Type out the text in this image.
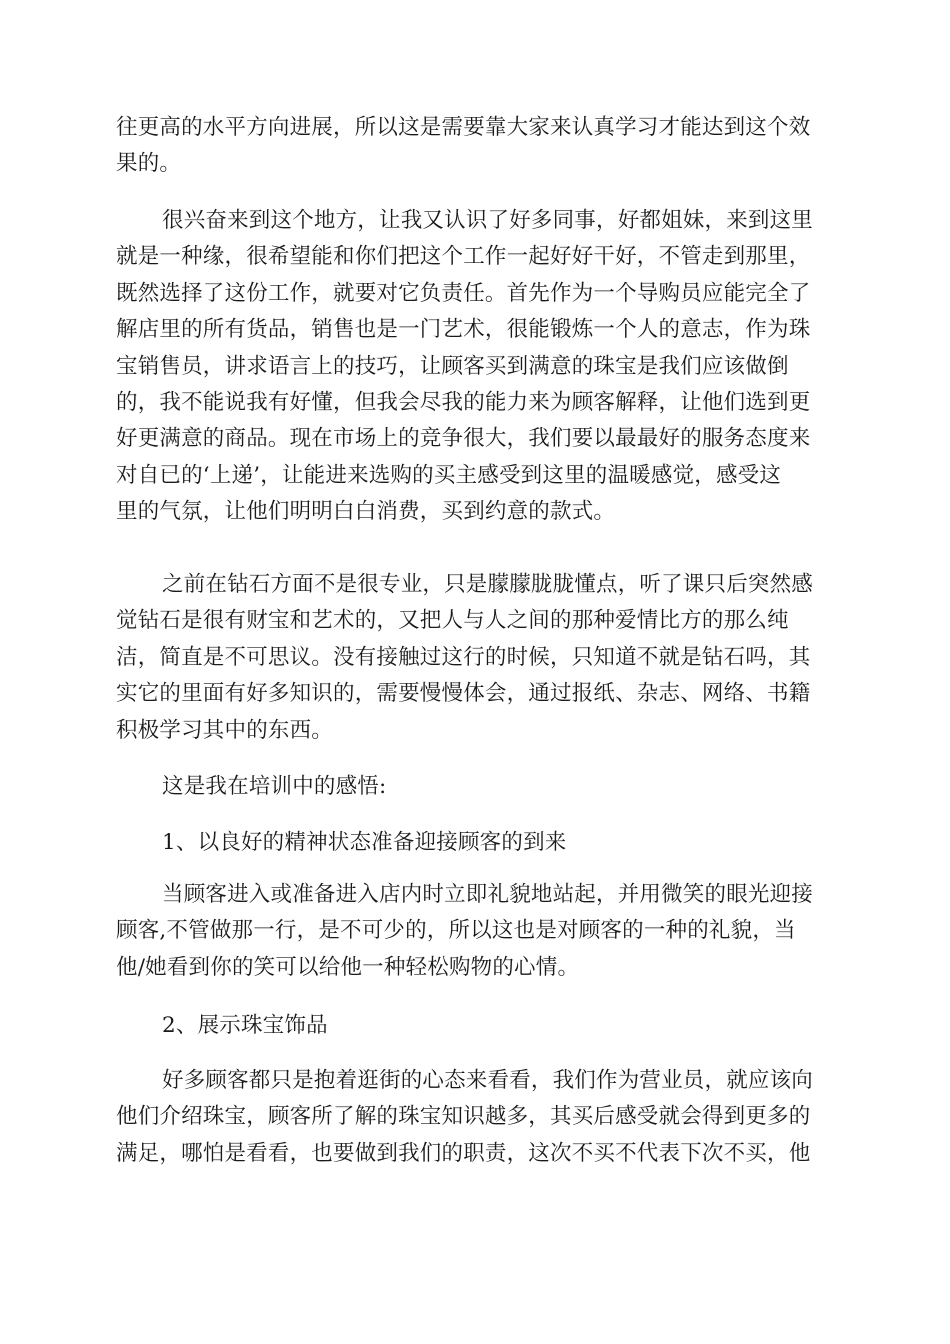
往更高的水平方向进展，所以这是需要靠大家来认真学习才能达到这个效
果的。
很兴奋来到这个地方，让我又认识了好多同事，好都姐妹，来到这里
就是一种缘，很希望能和你们把这个工作一起好好干好，不管走到那里，
既然选择了这份工作，就要对它负责任。首先作为一个导购员应能完全了
解店里的所有货品，销售也是一门艺术，很能锻炼一个人的意志，作为珠
宝销售员，讲求语言上的技巧，让顾客买到满意的珠宝是我们应该做倒
的，我不能说我有好懂，但我会尽我的能力来为顾客解释，让他们选到更
好更满意的商品。现在市场上的竞争很大，我们要以最最好的服务态度来
对自已的‘上递’，让能进来选购的买主感受到这里的温暖感觉，感受这
里的气氛，让他们明明白白消费，买到约意的款式。
之前在钻石方面不是很专业，只是朦朦胧胧懂点，听了课只后突然感
觉钻石是很有财宝和艺术的，又把人与人之间的那种爱情比方的那么纯
洁，简直是不可思议。没有接触过这行的时候，只知道不就是钻石吗，其
实它的里面有好多知识的，需要慢慢体会，通过报纸、杂志、网络、书籍
积极学习其中的东西。
这是我在培训中的感悟:
1、以良好的精神状态准备迎接顾客的到来
当顾客进入或准备进入店内时立即礼貌地站起，并用微笑的眼光迎接
顾客,不管做那一行，是不可少的，所以这也是对顾客的一种的礼貌，当
他/她看到你的笑可以给他一种轻松购物的心情。
2、展示珠宝饰品
好多顾客都只是抱着逛街的心态来看看，我们作为营业员，就应该向
他们介绍珠宝，顾客所了解的珠宝知识越多，其买后感受就会得到更多的
满足，哪怕是看看，也要做到我们的职责，这次不买不代表下次不买，他
